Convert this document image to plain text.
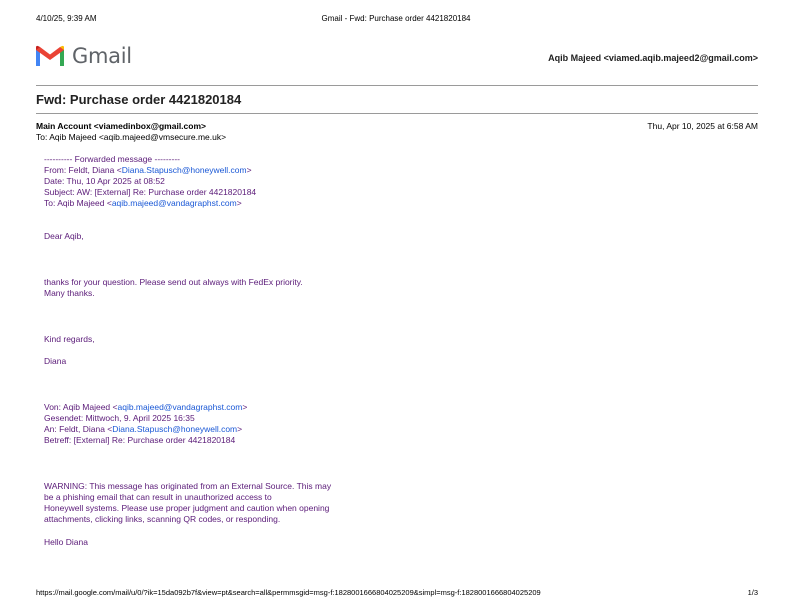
4/10/25, 9:39 AM	Gmail - Fwd: Purchase order 4421820184
Gmail	Aqib Majeed <viamed.aqib.majeed2@gmail.com>
Fwd: Purchase order 4421820184
Main Account <viamedinbox@gmail.com>
To: Aqib Majeed <aqib.majeed@vmsecure.me.uk>
Thu, Apr 10, 2025 at 6:58 AM

---------- Forwarded message ---------

From: Feldt, Diana <Diana.Stapusch@honeywell.com>

Date: Thu, 10 Apr 2025 at 08:52

Subject: AW: [External] Re: Purchase order 4421820184

To: Aqib Majeed <aqib.majeed@vandagraphst.com>

Dear Aqib,

thanks for your question. Please send out always with FedEx priority.

Many thanks.

Kind regards,

Diana

Von: Aqib Majeed <aqib.majeed@vandagraphst.com>

Gesendet: Mittwoch, 9. April 2025 16:35

An: Feldt, Diana <Diana.Stapusch@honeywell.com>

Betreff: [External] Re: Purchase order 4421820184

WARNING: This message has originated from an External Source. This may

be a phishing email that can result in unauthorized access to

Honeywell systems. Please use proper judgment and caution when opening

attachments, clicking links, scanning QR codes, or responding.

Hello Diana

https://mail.google.com/mail/u/0/?ik=15da092b7f&view=pt&search=all&permmsgid=msg-f:1828001666804025209&simpl=msg-f:1828001666804025209	1/3
